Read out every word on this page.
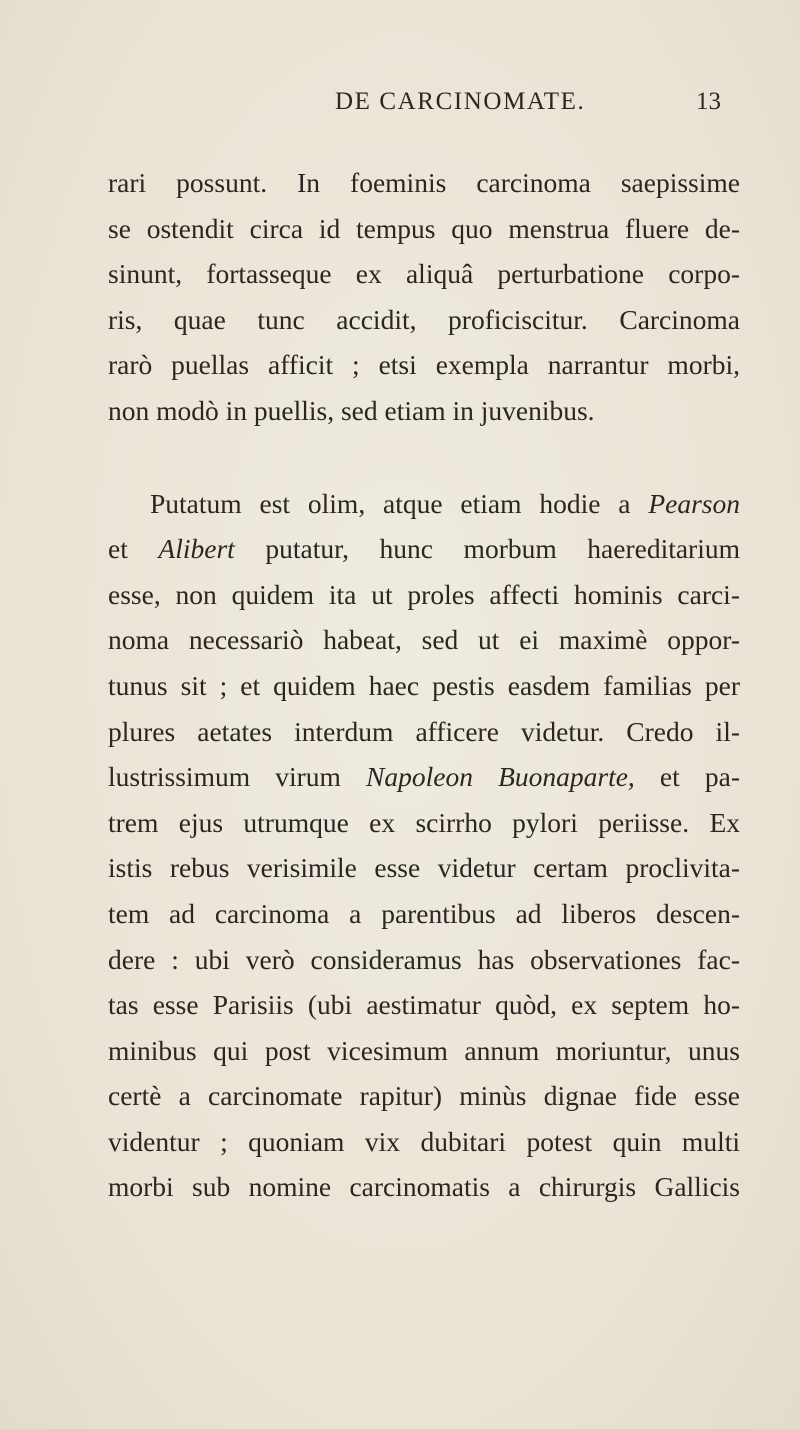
DE CARCINOMATE.	13
rari possunt. In foeminis carcinoma saepissime
se ostendit circa id tempus quo menstrua fluere de-
sinunt, fortasseque ex aliquâ perturbatione corpo-
ris, quae tunc accidit, proficiscitur. Carcinoma
rarò puellas afficit ; etsi exempla narrantur morbi,
non modò in puellis, sed etiam in juvenibus.
Putatum est olim, atque etiam hodie a Pearson
et Alibert putatur, hunc morbum haereditarium
esse, non quidem ita ut proles affecti hominis carci-
noma necessariò habeat, sed ut ei maximè oppor-
tunus sit ; et quidem haec pestis easdem familias per
plures aetates interdum afficere videtur. Credo il-
lustrissimum virum Napoleon Buonaparte, et pa-
trem ejus utrumque ex scirrho pylori periisse. Ex
istis rebus verisimile esse videtur certam proclivita-
tem ad carcinoma a parentibus ad liberos descen-
dere : ubi verò consideramus has observationes fac-
tas esse Parisiis (ubi aestimatur quòd, ex septem ho-
minibus qui post vicesimum annum moriuntur, unus
certè a carcinomate rapitur) minùs dignae fide esse
videntur ; quoniam vix dubitari potest quin multi
morbi sub nomine carcinomatis a chirurgis Gallicis
